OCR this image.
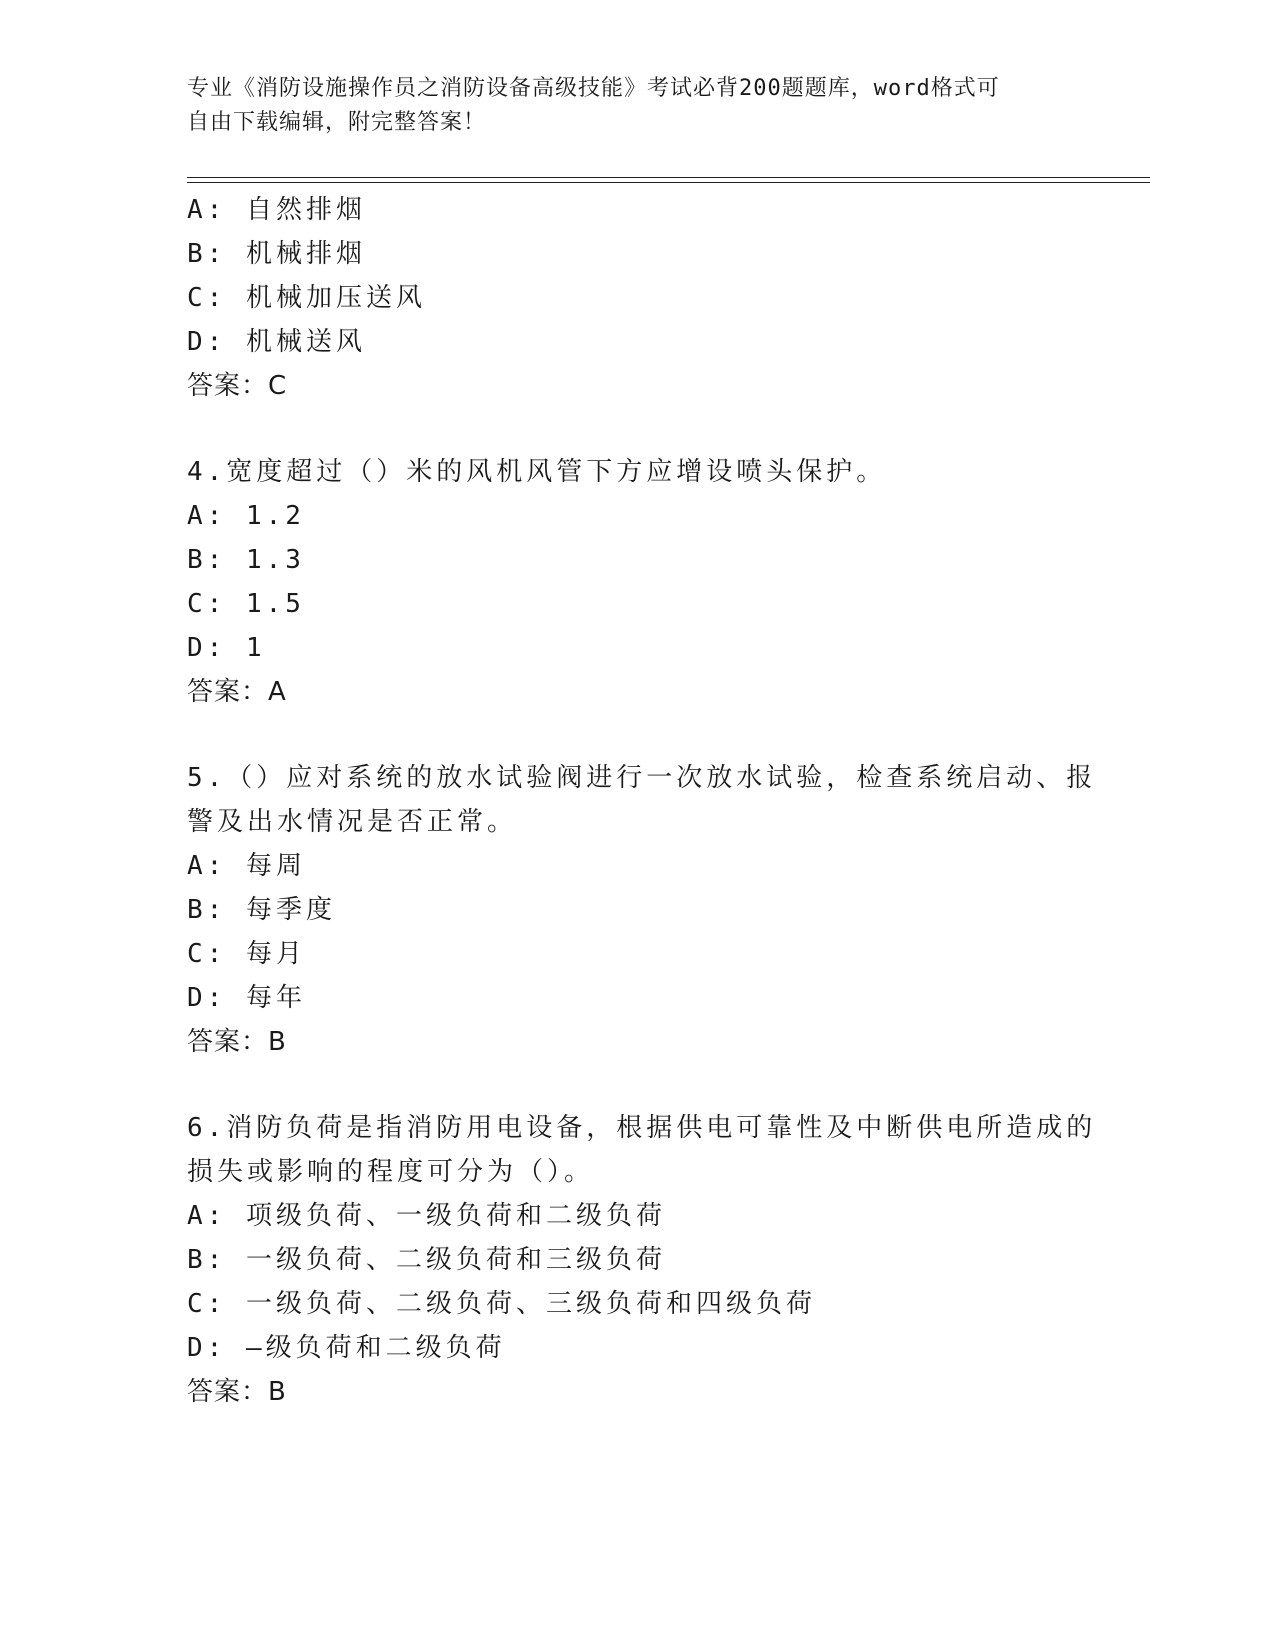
专业《消防设施操作员之消防设备高级技能》考试必背200题题库，word格式可
自由下载编辑，附完整答案！
A: 自然排烟
B: 机械排烟
C: 机械加压送风
D: 机械送风
答案：C
4.宽度超过（）米的风机风管下方应增设喷头保护。
A: 1.2
B: 1.3
C: 1.5
D: 1
答案：A
5.（）应对系统的放水试验阀进行一次放水试验，检查系统启动、报
警及出水情况是否正常。
A: 每周
B: 每季度
C: 每月
D: 每年
答案：B
6.消防负荷是指消防用电设备，根据供电可靠性及中断供电所造成的
损失或影响的程度可分为（）。
A: 项级负荷、一级负荷和二级负荷
B: 一级负荷、二级负荷和三级负荷
C: 一级负荷、二级负荷、三级负荷和四级负荷
D: —级负荷和二级负荷
答案：B
